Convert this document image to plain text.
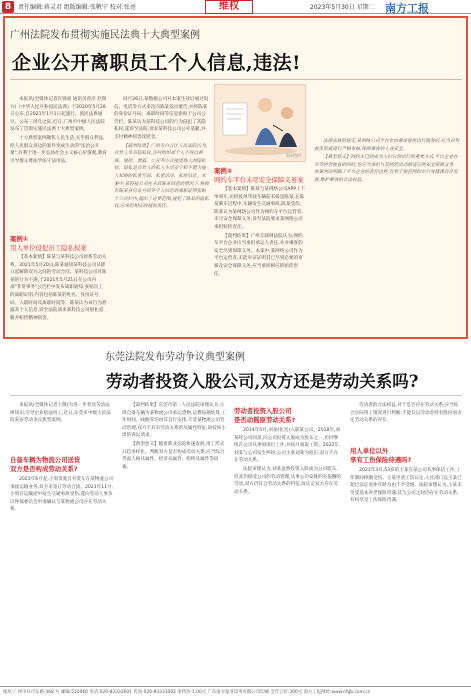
8	责任编辑:蒋灵君 组版编辑:张帆宁 校对:张亮	维权	2023年5月30日 星期二 南方工报
广州法院发布贯彻实施民法典十大典型案例
企业公开离职员工个人信息,违法!

本报讯(全媒体记者许锦豪 通讯员曾洋 赵瑞方)《中华人民共和国民法典》于2020年5月28日公布,自2021年1月1日起施行。值民法典通过、公布三周年之际,近日,广州市中级人民法院发布了贯彻实施民法典十大典型案例。

十大典型案例聚焦人民生活,关乎群众利益,把人民群众身边的案件变成生动的"法治公开课",有利于进一步弘扬社会主义核心价值观,教育引导群众尊法学法守法用法。

案例①
用人单位侵犯员工隐私权案

【基本案情】陈某与某科技公司原系劳动关系。2021年5月20日,陈某通知某科技公司从即日起解除双方之间的劳动合同。某科技公司对陈某的行为不满,于2021年5月21日在公司内部"非常事务"公告栏中发布离职通知,张贴员工的离职证明,内容包括陈某的姓名、身份证号码、入职时间及离职时间等。陈某认为该行为泄露其个人信息,诉至法院请求某科技公司赔礼道歉并赔偿精神损害。

同月26日,某数据公司对本案生效后通过短信、电话等方式多次向陈某发出催告,并将陈某的身份证号码、离职时间等信息张贴于公司公告栏。陈某认为某科技公司的行为侵犯了其隐私权,遂诉至法院,请求某科技公司公开道歉,并支付精神损害抚慰金。

【裁判结果】广州市白云区人民法院认为,自然人享有隐私权,任何组织或个人不得以刺探、侵扰、泄露、公开等方式侵害他人的隐私权。隐私是自然人的私人生活安宁和不愿为他人知晓的私密空间、私密活动、私密信息。本案中,某科技公司在未获陈某同意的情况下,将载有陈某身份证号码等个人信息的离职证明张贴于公告栏内,超出了必要范围,侵犯了陈某的隐私权,应承担相应的侵权责任。

资料图片
案例②
网约车平台未尽安全保障义务案

【基本案情】陈某与某网络公司APP上下单叫车,司机接单驾驶车辆前来接送陈某,在陈某乘车过程中,车辆发生交通事故,陈某受伤。陈某认为某网络公司作为网约车平台运营者,未尽安全保障义务,诉至法院要求某网络公司承担赔偿责任。

【裁判结果】广州互联网法院认为,网约车平台企业应当承担承运人责任,并对乘客的安全尽到保障义务。本案中,某网络公司作为平台运营者,未能举证证明其已尽到必要的审核及安全保障义务,应当承担相应的赔偿责任。

法律法规的规定,某网络公司平台在向乘客提供出行服务时,应当对驾驶员资质进行严格审核,保障乘客的人身安全。

【典型意义】网约车已经成为人们日常出行的重要方式,平台企业在享受经营收益的同时,也应当承担与其经营活动相适应的安全保障义务。本案判决明确了平台企业的责任边界,有利于规范网约车行业健康有序发展,维护乘客的合法权益。

东莞法院发布劳动争议典型案例
劳动者投资入股公司,双方还是劳动关系吗?

本报讯(全媒体记者王敬)为进一步普及劳动法律知识,引导企业依法用工,近日,东莞市中级人民法院发布劳动争议典型案例。

自备车辆为物流公司送货
双方是否构成劳动关系?

2021年6月起,小周驾驶自有货车在某物流公司承接运输业务,双方未签订劳动合同。2021年11月,小周在运输途中发生交通事故受伤,遂向劳动人事争议仲裁委员会申请确认与某物流公司存在劳动关系。

【裁判结果】东莞市第一人民法院审理认为,小周自备车辆为某物流公司承运货物,运费按趟结算,工作时间、线路等均由其自行安排,不受某物流公司劳动管理,双方不具有劳动关系的从属性特征,故驳回小周的诉讼请求。

【典型意义】随着新业态的快速发展,用工形式日趋多样化。判断双方是否构成劳动关系,应当综合考虑人格从属性、经济从属性、组织从属性等因素。

劳动者投资入股公司
是否动摇原劳动关系?

2014年5月,刘某(化名)入职某公司。2018年,刘某经公司同意,向公司投资入股成为股东之一,但仍继续在公司从事原岗位工作,并按月领取工资。2022年,刘某与公司发生纠纷,公司主张刘某为股东,双方不存在劳动关系。

法院审理认为,刘某虽然投资入股成为公司股东,但其仍接受公司的劳动管理,从事公司安排的有报酬的劳动,双方仍符合劳动关系的特征,故认定双方存在劳动关系。

劳动者的合法权益,对于是否存在劳动关系,应当综合实际用工情况进行判断,不能仅以劳动者持有股份而否定劳动关系的存在。

用人单位以外
享有工伤保险待遇吗?

2021年3月,53岁的王某在某公司从事保洁工作,工作期间摔倒受伤。王某申请工伤认定,人社部门以王某已超过法定退休年龄为由不予受理。法院审理认为,王某未享受基本养老保险待遇,其与公司之间仍存在劳动关系,有权享受工伤保险待遇。

地址:广州市环市东路 368 号 邮编:510060 电话:020-83333001 传真:020-83333002 零售价:1.00元 广东南方报业印务有限公司印刷 全年订价:300元 南方工报网址:www.nfgb.com.cn
